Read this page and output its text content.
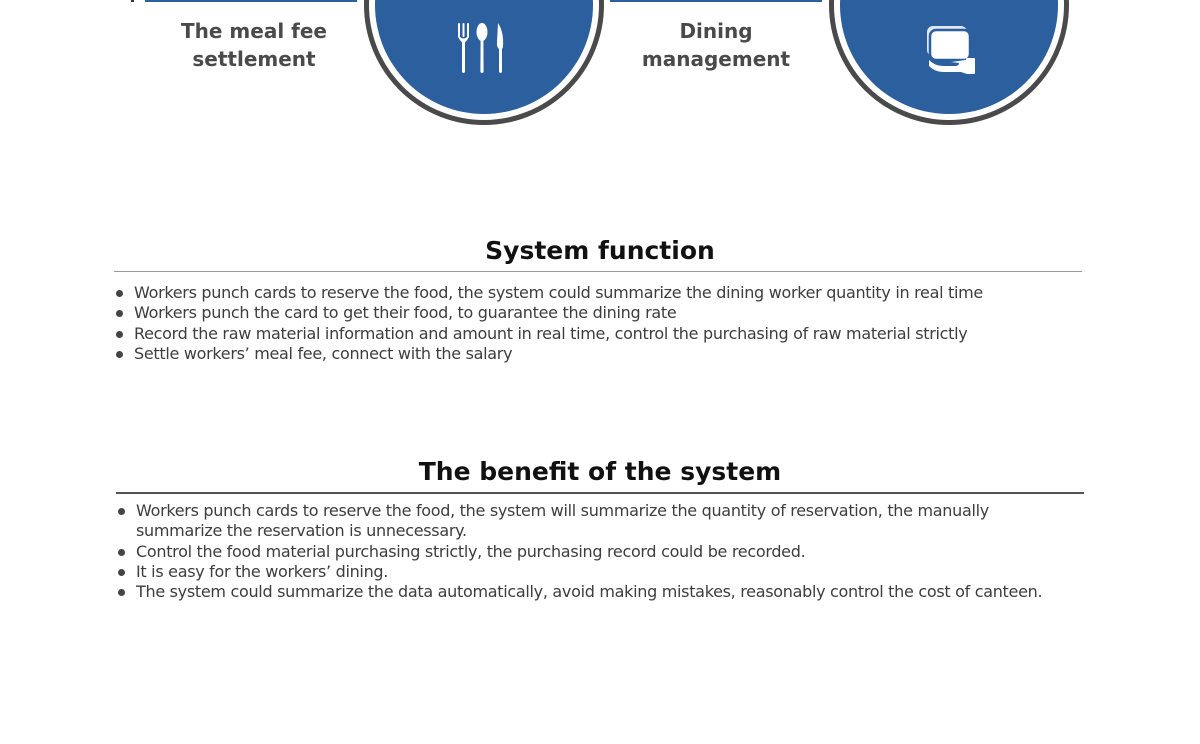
The meal fee
settlement
Dining
management
System function
Workers punch cards to reserve the food, the system could summarize the dining worker quantity in real time
Workers punch the card to get their food, to guarantee the dining rate
Record the raw material information and amount in real time, control the purchasing of raw material strictly
Settle workers’ meal fee, connect with the salary
The benefit of the system
Workers punch cards to reserve the food, the system will summarize the quantity of reservation, the manually summarize the reservation is unnecessary.
Control the food material purchasing strictly, the purchasing record could be recorded.
It is easy for the workers’ dining.
The system could summarize the data automatically, avoid making mistakes, reasonably control the cost of canteen.
